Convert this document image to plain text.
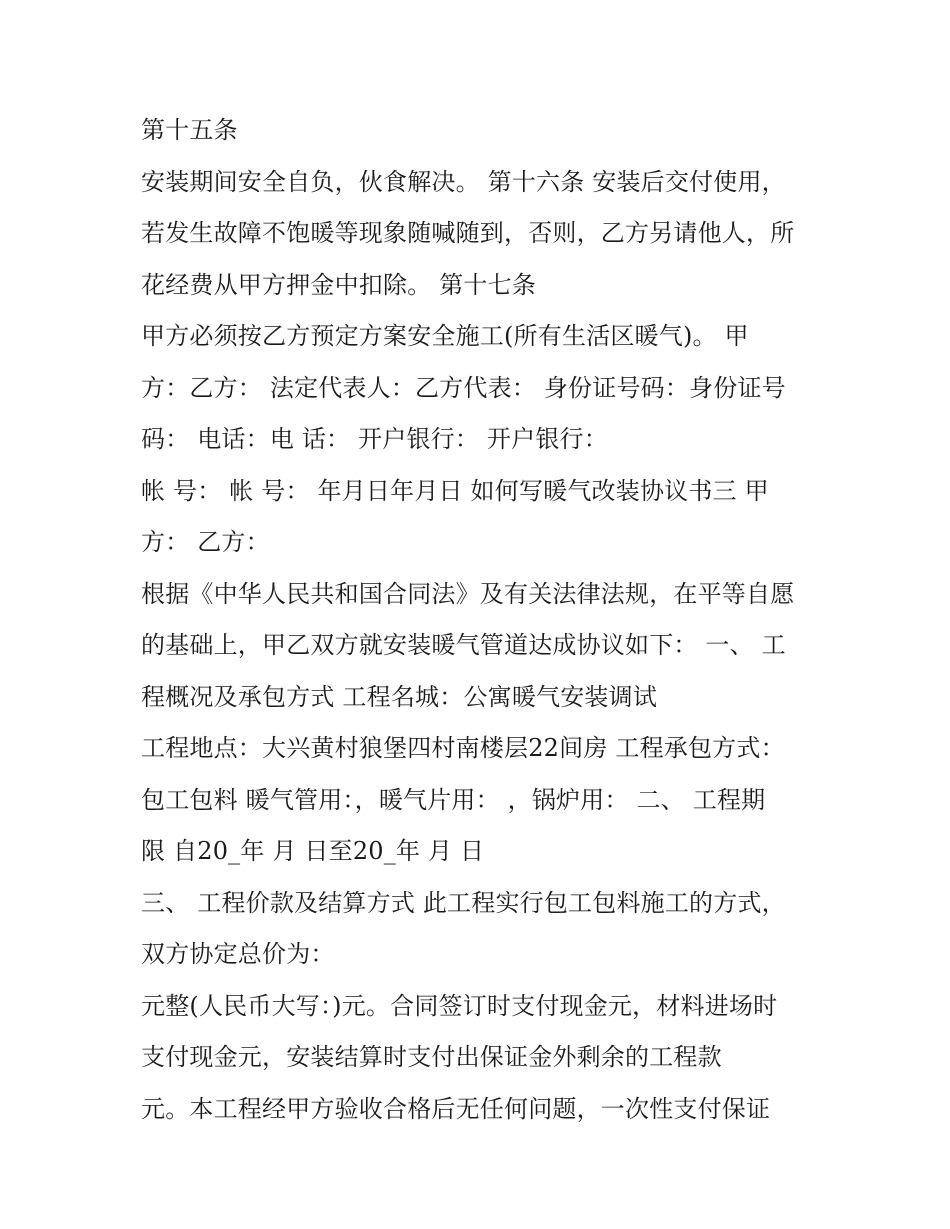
第十五条
安装期间安全自负，伙食解决。 第十六条 安装后交付使用，
若发生故障不饱暖等现象随喊随到，否则，乙方另请他人，所
花经费从甲方押金中扣除。 第十七条
甲方必须按乙方预定方案安全施工(所有生活区暖气)。 甲
方：乙方： 法定代表人：乙方代表： 身份证号码：身份证号
码： 电话：电 话： 开户银行： 开户银行：
帐 号： 帐 号： 年月日年月日 如何写暖气改装协议书三 甲
方： 乙方：
根据《中华人民共和国合同法》及有关法律法规，在平等自愿
的基础上，甲乙双方就安装暖气管道达成协议如下： 一、 工
程概况及承包方式 工程名城：公寓暖气安装调试
工程地点：大兴黄村狼堡四村南楼层22间房 工程承包方式：
包工包料 暖气管用：，暖气片用： ，锅炉用： 二、 工程期
限 自20_年 月 日至20_年 月 日
三、 工程价款及结算方式 此工程实行包工包料施工的方式，
双方协定总价为：
元整(人民币大写：)元。合同签订时支付现金元，材料进场时
支付现金元，安装结算时支付出保证金外剩余的工程款
元。本工程经甲方验收合格后无任何问题，一次性支付保证
